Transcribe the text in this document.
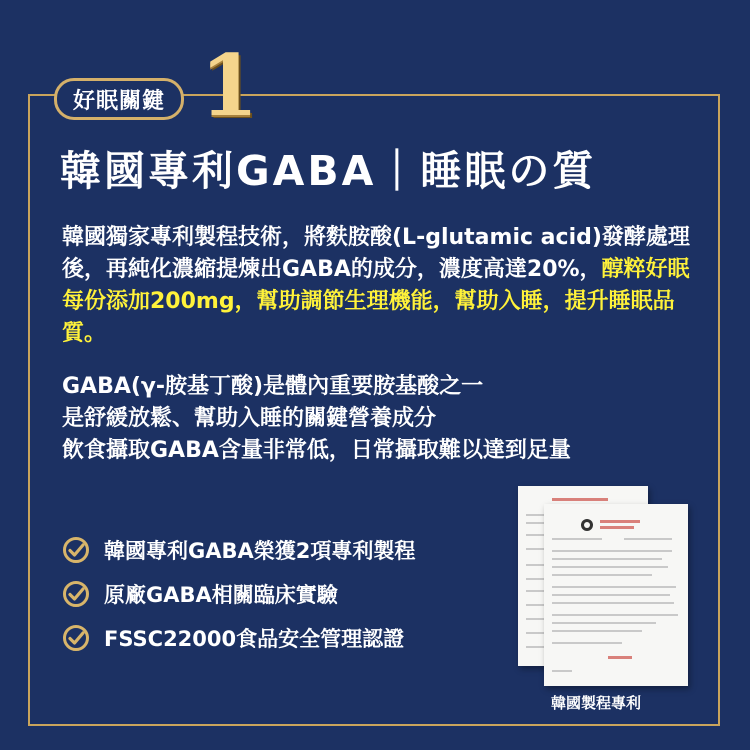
好眠關鍵 1
韓國專利GABA｜睡眠の質

韓國獨家專利製程技術，將麩胺酸(L-glutamic acid)發酵處理後，再純化濃縮提煉出GABA的成分，濃度高達20%，醇粹好眠每份添加200mg，幫助調節生理機能，幫助入睡，提升睡眠品質。

GABA(γ-胺基丁酸)是體內重要胺基酸之一
是舒緩放鬆、幫助入睡的關鍵營養成分
飲食攝取GABA含量非常低，日常攝取難以達到足量

韓國專利GABA榮獲2項專利製程
原廠GABA相關臨床實驗
FSSC22000食品安全管理認證

韓國製程專利
